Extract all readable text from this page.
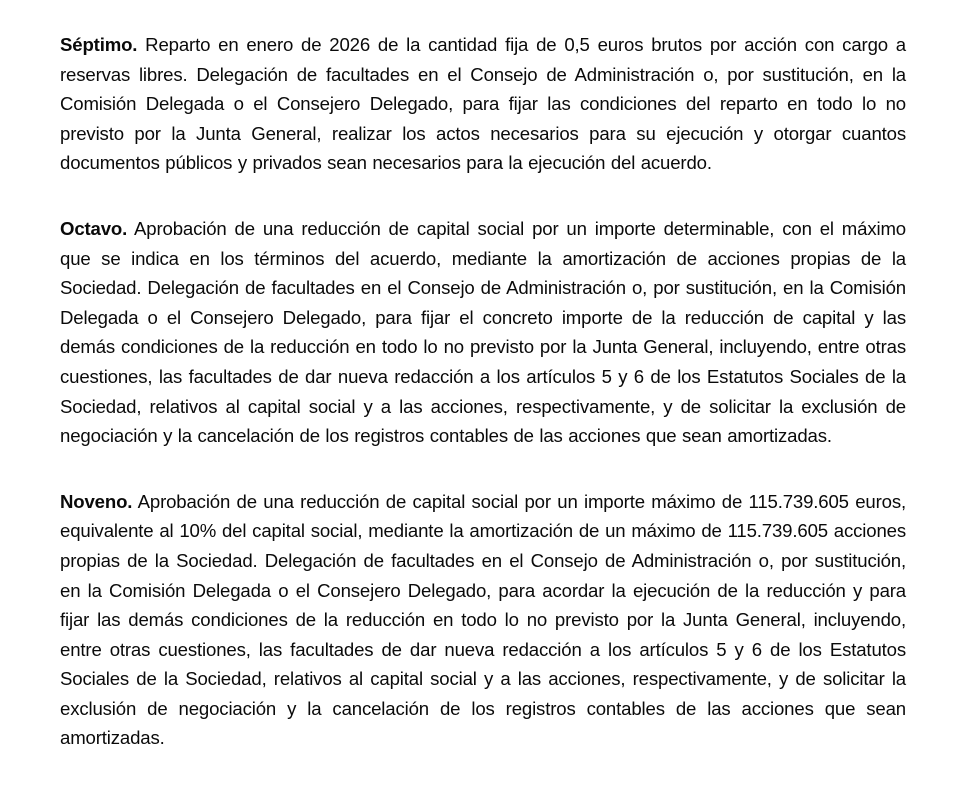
Séptimo. Reparto en enero de 2026 de la cantidad fija de 0,5 euros brutos por acción con cargo a reservas libres. Delegación de facultades en el Consejo de Administración o, por sustitución, en la Comisión Delegada o el Consejero Delegado, para fijar las condiciones del reparto en todo lo no previsto por la Junta General, realizar los actos necesarios para su ejecución y otorgar cuantos documentos públicos y privados sean necesarios para la ejecución del acuerdo.

Octavo. Aprobación de una reducción de capital social por un importe determinable, con el máximo que se indica en los términos del acuerdo, mediante la amortización de acciones propias de la Sociedad. Delegación de facultades en el Consejo de Administración o, por sustitución, en la Comisión Delegada o el Consejero Delegado, para fijar el concreto importe de la reducción de capital y las demás condiciones de la reducción en todo lo no previsto por la Junta General, incluyendo, entre otras cuestiones, las facultades de dar nueva redacción a los artículos 5 y 6 de los Estatutos Sociales de la Sociedad, relativos al capital social y a las acciones, respectivamente, y de solicitar la exclusión de negociación y la cancelación de los registros contables de las acciones que sean amortizadas.

Noveno. Aprobación de una reducción de capital social por un importe máximo de 115.739.605 euros, equivalente al 10% del capital social, mediante la amortización de un máximo de 115.739.605 acciones propias de la Sociedad. Delegación de facultades en el Consejo de Administración o, por sustitución, en la Comisión Delegada o el Consejero Delegado, para acordar la ejecución de la reducción y para fijar las demás condiciones de la reducción en todo lo no previsto por la Junta General, incluyendo, entre otras cuestiones, las facultades de dar nueva redacción a los artículos 5 y 6 de los Estatutos Sociales de la Sociedad, relativos al capital social y a las acciones, respectivamente, y de solicitar la exclusión de negociación y la cancelación de los registros contables de las acciones que sean amortizadas.
